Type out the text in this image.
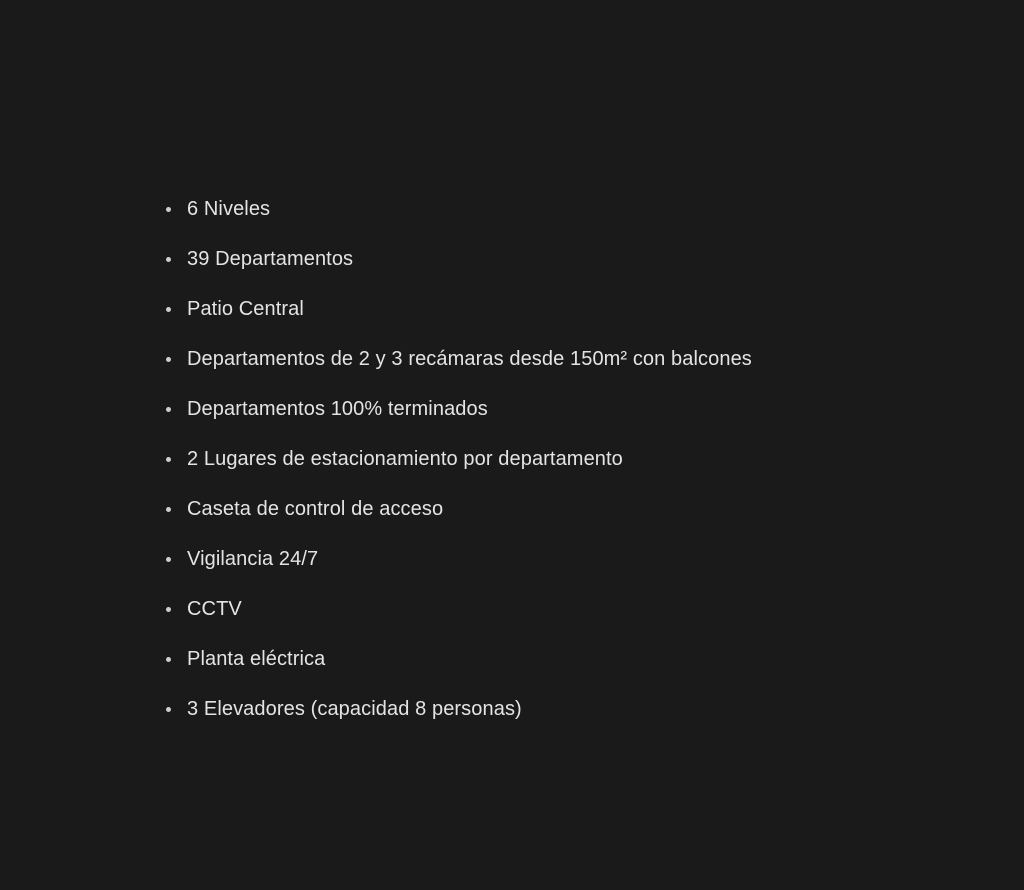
6 Niveles
39 Departamentos
Patio Central
Departamentos de 2 y 3 recámaras desde 150m² con balcones
Departamentos 100% terminados
2 Lugares de estacionamiento por departamento
Caseta de control de acceso
Vigilancia 24/7
CCTV
Planta eléctrica
3 Elevadores (capacidad 8 personas)
